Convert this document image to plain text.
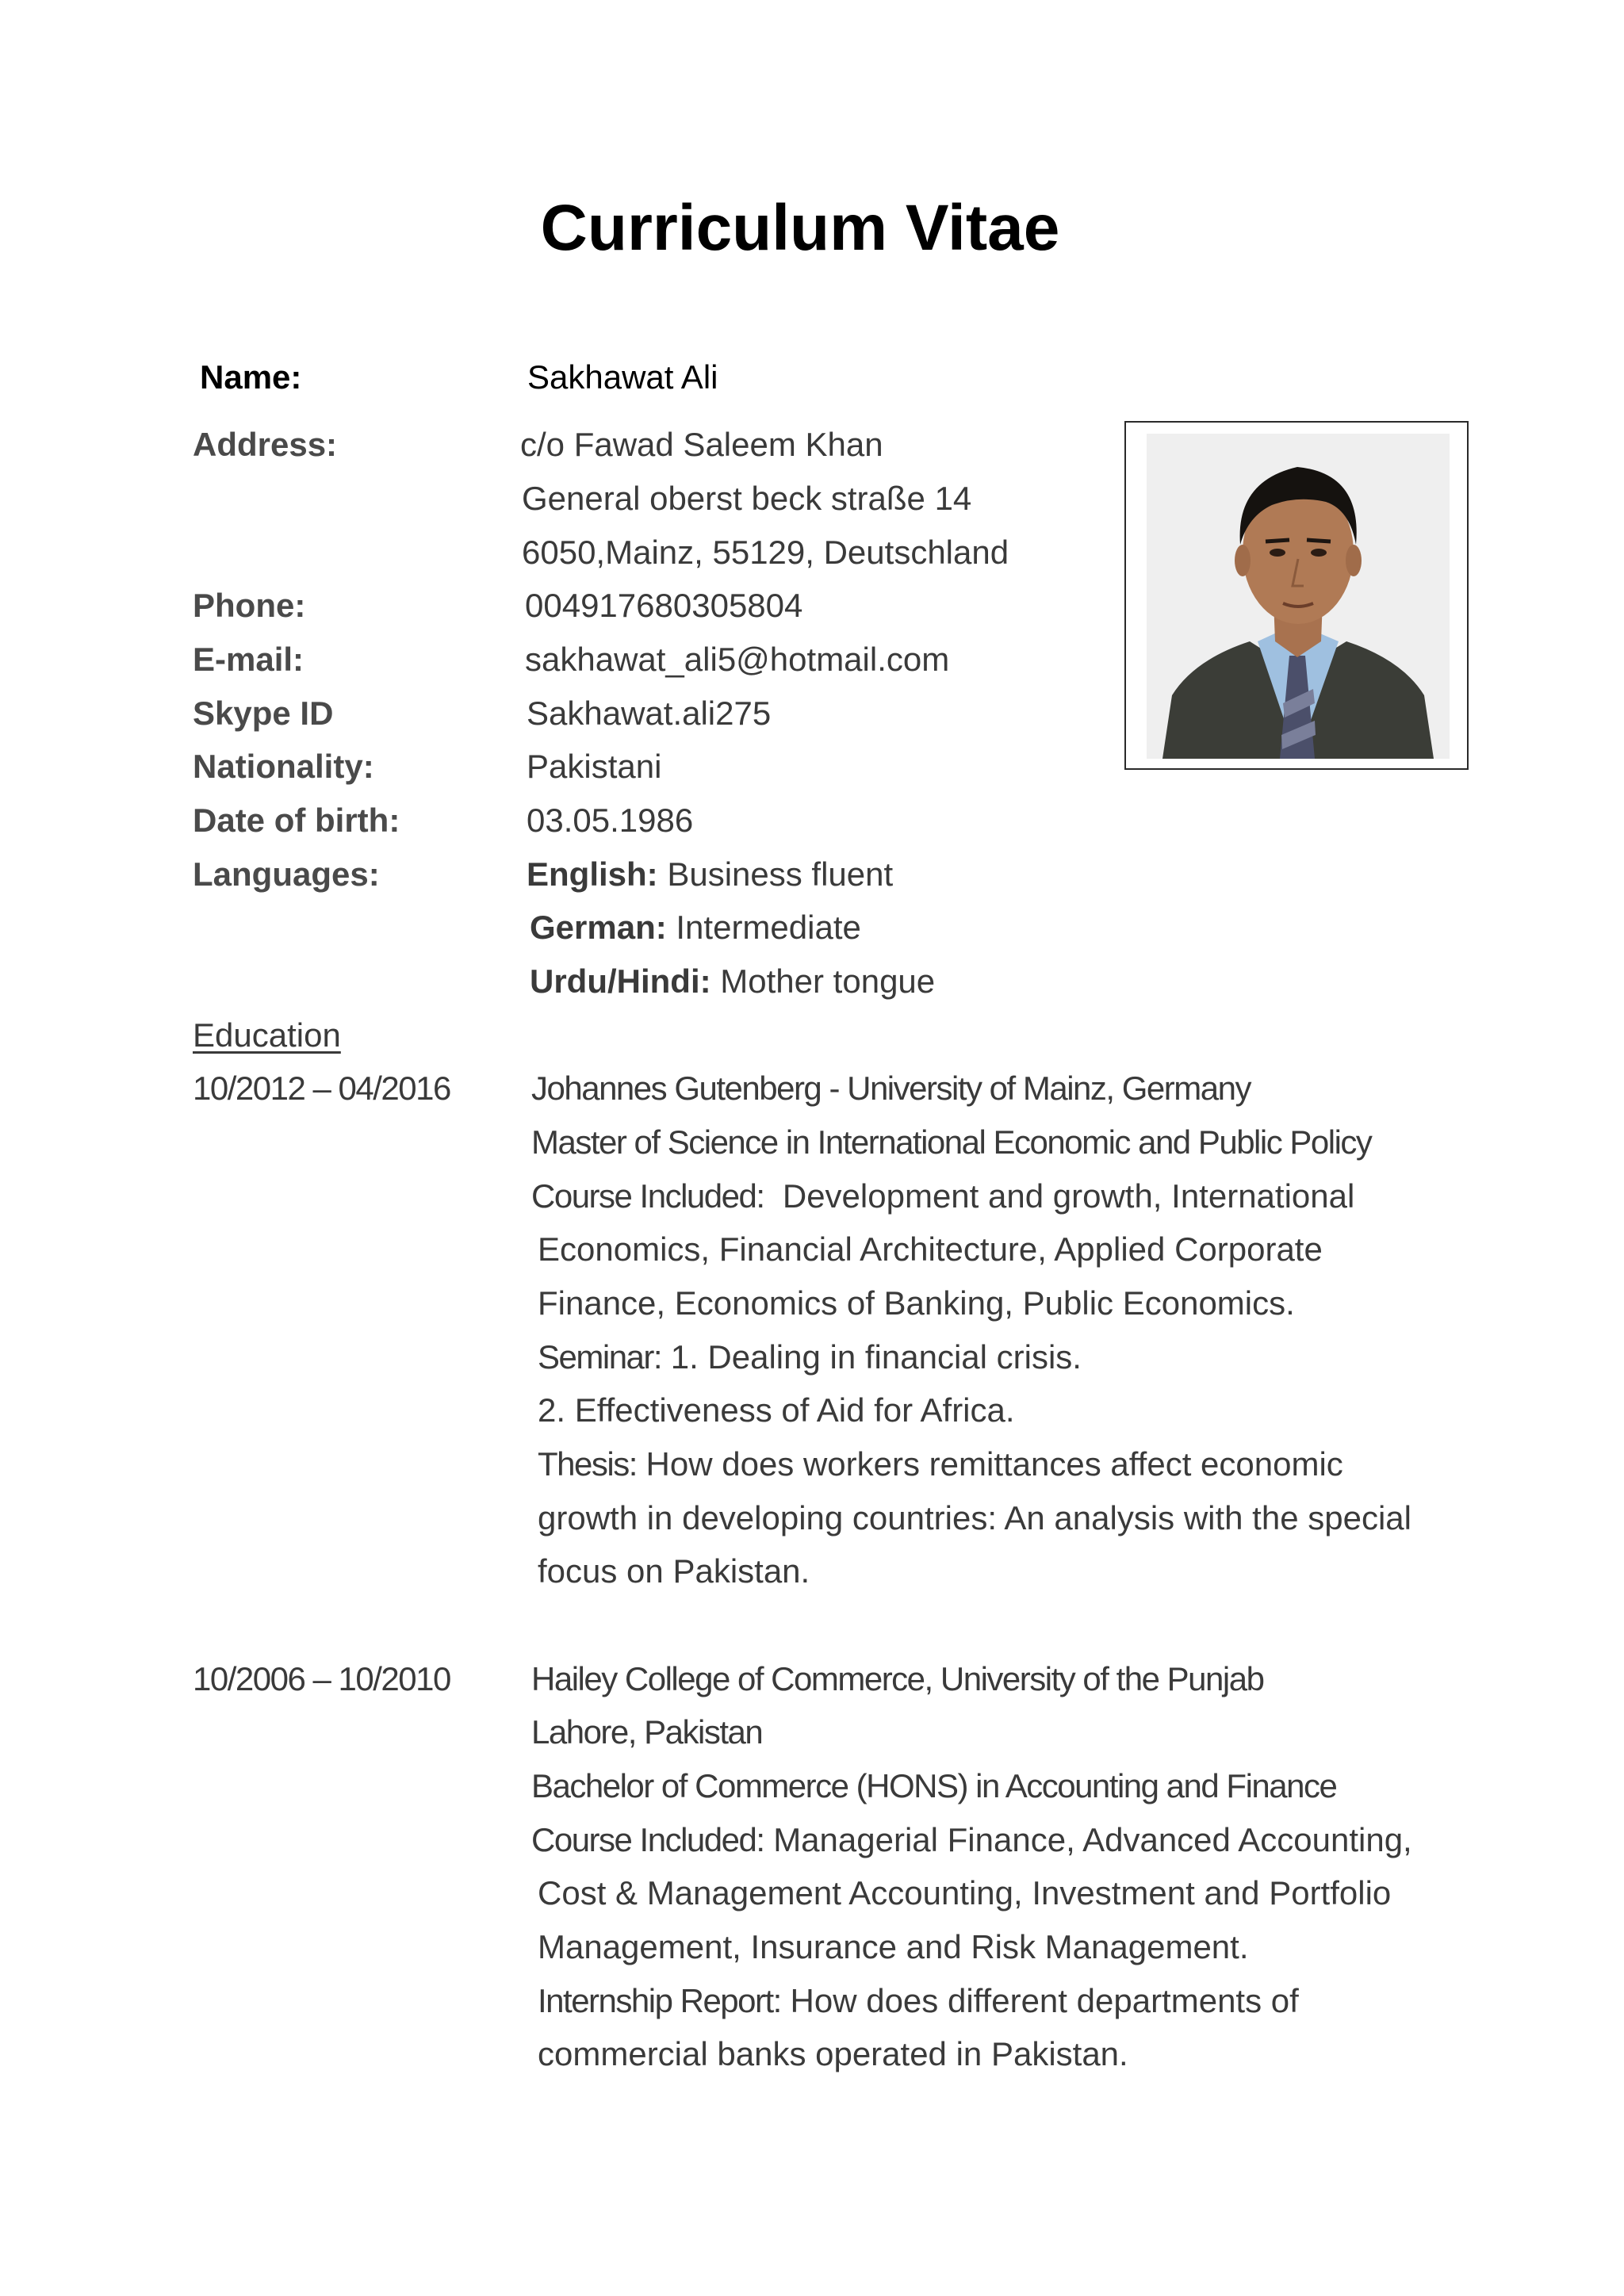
Curriculum Vitae
Name:	Sakhawat Ali
Address:	c/o Fawad Saleem Khan
General oberst beck straße 14
6050,Mainz, 55129, Deutschland
Phone:	004917680305804
E-mail:	sakhawat_ali5@hotmail.com
Skype ID	Sakhawat.ali275
Nationality:	Pakistani
Date of birth:	03.05.1986
Languages:	English: Business fluent
German: Intermediate
Urdu/Hindi: Mother tongue
Education
10/2012 – 04/2016 Johannes Gutenberg - University of Mainz, Germany
Master of Science in International Economic and Public Policy
Course Included:  Development and growth, International
Economics, Financial Architecture, Applied Corporate
Finance, Economics of Banking, Public Economics.
Seminar: 1. Dealing in financial crisis.
2. Effectiveness of Aid for Africa.
Thesis: How does workers remittances affect economic
growth in developing countries: An analysis with the special
focus on Pakistan.
10/2006 – 10/2010 Hailey College of Commerce, University of the Punjab
Lahore, Pakistan
Bachelor of Commerce (HONS) in Accounting and Finance
Course Included: Managerial Finance, Advanced Accounting,
Cost & Management Accounting, Investment and Portfolio
Management, Insurance and Risk Management.
Internship Report: How does different departments of
commercial banks operated in Pakistan.
